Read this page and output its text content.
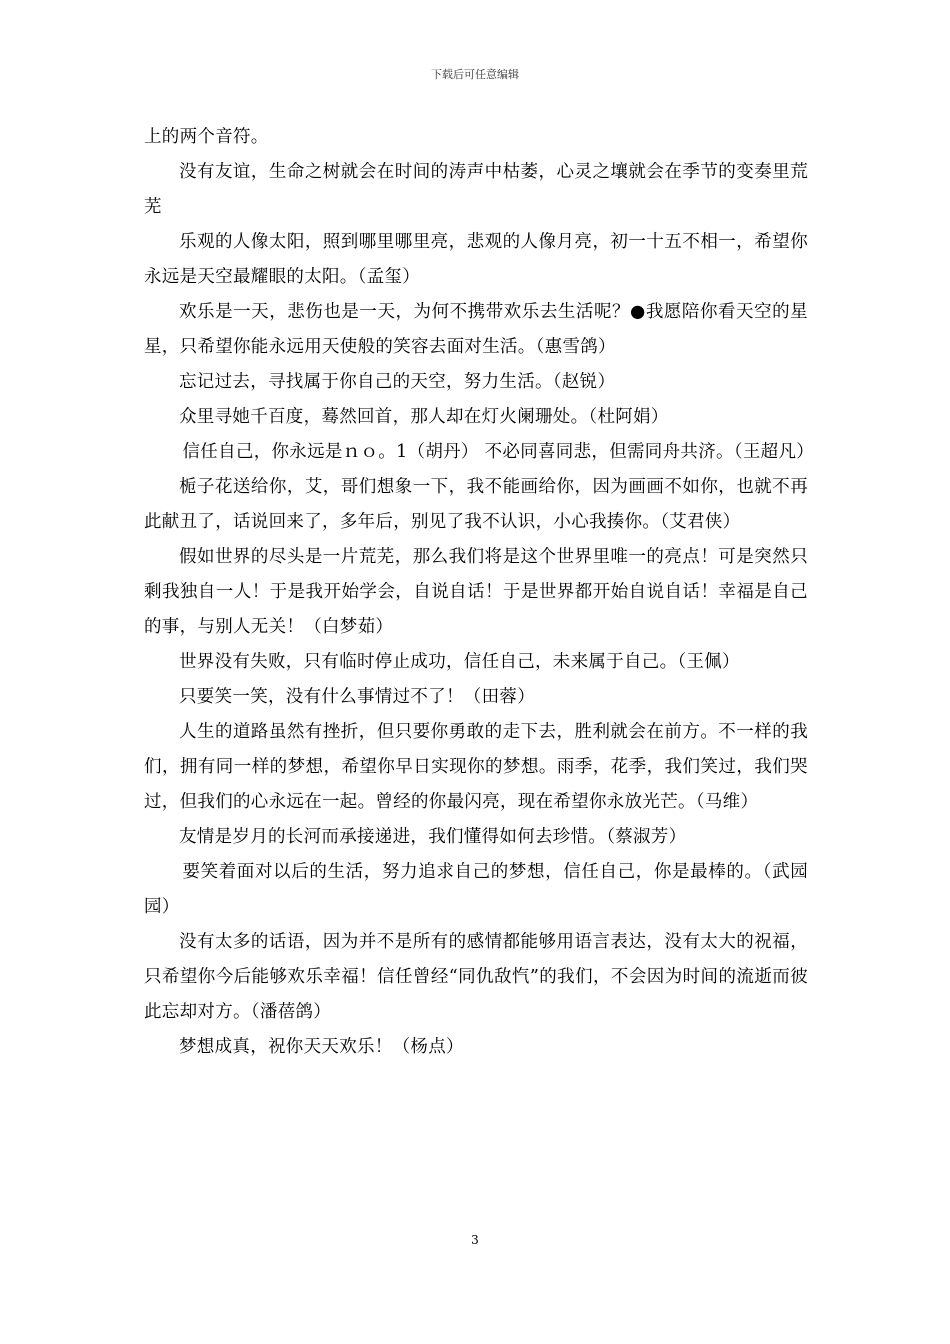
下载后可任意编辑

上的两个音符。

没有友谊，生命之树就会在时间的涛声中枯萎，心灵之壤就会在季节的变奏里荒芜

乐观的人像太阳，照到哪里哪里亮，悲观的人像月亮，初一十五不相一，希望你永远是天空最耀眼的太阳。（孟玺）

欢乐是一天，悲伤也是一天，为何不携带欢乐去生活呢？●我愿陪你看天空的星星，只希望你能永远用天使般的笑容去面对生活。（惠雪鸽）

忘记过去，寻找属于你自己的天空，努力生活。（赵锐）

众里寻她千百度，蓦然回首，那人却在灯火阑珊处。（杜阿娟）

信任自己，你永远是ｎｏ。1（胡丹） 不必同喜同悲，但需同舟共济。（王超凡）

栀子花送给你，艾，哥们想象一下，我不能画给你，因为画画不如你，也就不再此献丑了，话说回来了，多年后，别见了我不认识，小心我揍你。（艾君侠）

假如世界的尽头是一片荒芜，那么我们将是这个世界里唯一的亮点！可是突然只剩我独自一人！于是我开始学会，自说自话！于是世界都开始自说自话！幸福是自己的事，与别人无关！（白梦茹）

世界没有失败，只有临时停止成功，信任自己，未来属于自己。（王佩）

只要笑一笑，没有什么事情过不了！（田蓉）

人生的道路虽然有挫折，但只要你勇敢的走下去，胜利就会在前方。不一样的我们，拥有同一样的梦想，希望你早日实现你的梦想。雨季，花季，我们笑过，我们哭过，但我们的心永远在一起。曾经的你最闪亮，现在希望你永放光芒。（马维）

友情是岁月的长河而承接递进，我们懂得如何去珍惜。（蔡淑芳）

要笑着面对以后的生活，努力追求自己的梦想，信任自己，你是最棒的。（武园园）

没有太多的话语，因为并不是所有的感情都能够用语言表达，没有太大的祝福，只希望你今后能够欢乐幸福！信任曾经“同仇敌忾”的我们，不会因为时间的流逝而彼此忘却对方。（潘蓓鸽）

梦想成真，祝你天天欢乐！（杨点）

3
